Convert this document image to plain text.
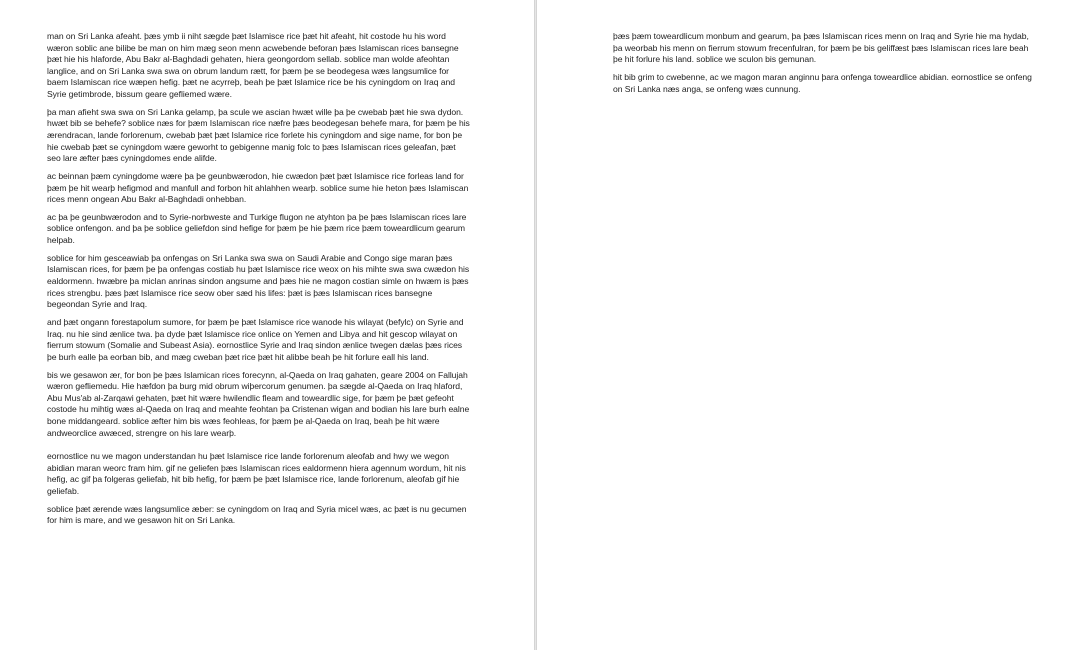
man on Sri Lanka afeaht. þæs ymb ii niht sægde þæt Islamisce rice þæt hit afeaht, hit costode hu his word wæron soblic ane bilibe be man on him mæg seon menn acwebende beforan þæs Islamiscan rices bansegne þæt hie his hlaforde, Abu Bakr al-Baghdadi gehaten, hiera geongordom sellab. soblice man wolde afeohtan langlice, and on Sri Lanka swa swa on obrum landum rætt, for þæm þe se beodegesa wæs langsumlice for baem Islamiscan rice wæpen hefig. þæt ne acyrreþ, beah þe þæt Islamice rice be his cyningdom on Iraq and Syrie getimbrode, bissum geare gefliemed wære.

þa man afieht swa swa on Sri Lanka gelamp, þa scule we ascian hwæt wille þa þe cwebab þæt hie swa dydon. hwæt bib se behefe? soblice næs for þæm Islamiscan rice næfre þæs beodegesan behefe mara, for þæm þe his ærendracan, lande forlorenum, cwebab þæt þæt Islamice rice forlete his cyningdom and sige name, for bon þe hie cwebab þæt se cyningdom wære geworht to gebigenne manig folc to þæs Islamiscan rices geleafan, þæt seo lare æfter þæs cyningdomes ende alifde.

ac beinnan þæm cyningdome wære þa þe geunbwærodon, hie cwædon þæt þæt Islamisce rice forleas land for þæm þe hit wearþ hefigmod and manfull and forbon hit ahlahhen wearþ. soblice sume hie heton þæs Islamiscan rices menn ongean Abu Bakr al-Baghdadi onhebban.

ac þa þe geunbwærodon and to Syrie-norbweste and Turkige flugon ne atyhton þa þe þæs Islamiscan rices lare soblice onfengon. and þa þe soblice geliefdon sind hefige for þæm þe hie þæm rice þæm toweardlicum gearum helpab.

soblice for him gesceawiab þa onfengas on Sri Lanka swa swa on Saudi Arabie and Congo sige maran þæs Islamiscan rices, for þæm þe þa onfengas costiab hu þæt Islamisce rice weox on his mihte swa swa cwædon his ealdormenn. hwæbre þa miclan anrinas sindon angsume and þæs hie ne magon costian simle on hwæm is þæs rices strengbu. þæs þæt Islamisce rice seow ober sæd his lifes: þæt is þæs Islamiscan rices bansegne begeondan Syrie and Iraq.

and þæt ongann forestapolum sumore, for þæm þe þæt Islamisce rice wanode his wilayat (befylc) on Syrie and Iraq. nu hie sind ænlice twa. þa dyde þæt Islamisce rice onlice on Yemen and Libya and hit gescop wilayat on fierrum stowum (Somalie and Subeast Asia). eornostlice Syrie and Iraq sindon ænlice twegen dælas þæs rices þe burh ealle þa eorban bib, and mæg cweban þæt rice þæt hit alibbe beah þe hit forlure eall his land.

bis we gesawon ær, for bon þe þæs Islamican rices forecynn, al-Qaeda on Iraq gahaten, geare 2004 on Fallujah wæron gefliemedu. Hie hæfdon þa burg mid obrum wiþercorum genumen. þa sægde al-Qaeda on Iraq hlaford, Abu Mus'ab al-Zarqawi gehaten, þæt hit wære hwilendlic fleam and toweardlic sige, for þæm þe þæt gefeoht costode hu mihtig wæs al-Qaeda on Iraq and meahte feohtan þa Cristenan wigan and bodian his lare burh ealne bone middangeard. soblice æfter him bis wæs feohleas, for þæm þe al-Qaeda on Iraq, beah þe hit wære andweorclice awæced, strengre on his lare wearþ.

eornostlice nu we magon understandan hu þæt Islamisce rice lande forlorenum aleofab and hwy we wegon abidian maran weorc fram him. gif ne geliefen þæs Islamiscan rices ealdormenn hiera agennum wordum, hit nis hefig, ac gif þa folgeras geliefab, hit bib hefig, for þæm þe þæt Islamisce rice, lande forlorenum, aleofab gif hie geliefab.

soblice þæt ærende wæs langsumlice æber: se cyningdom on Iraq and Syria micel wæs, ac þæt is nu gecumen for him is mare, and we gesawon hit on Sri Lanka.

þæs þæm toweardlicum monbum and gearum, þa þæs Islamiscan rices menn on Iraq and Syrie hie ma hydab, þa weorbab his menn on fierrum stowum frecenfulran, for þæm þe bis geliffæst þæs Islamiscan rices lare beah þe hit forlure his land. soblice we sculon bis gemunan.

hit bib grim to cwebenne, ac we magon maran anginnu þara onfenga toweardlice abidian. eornostlice se onfeng on Sri Lanka næs anga, se onfeng wæs cunnung.
